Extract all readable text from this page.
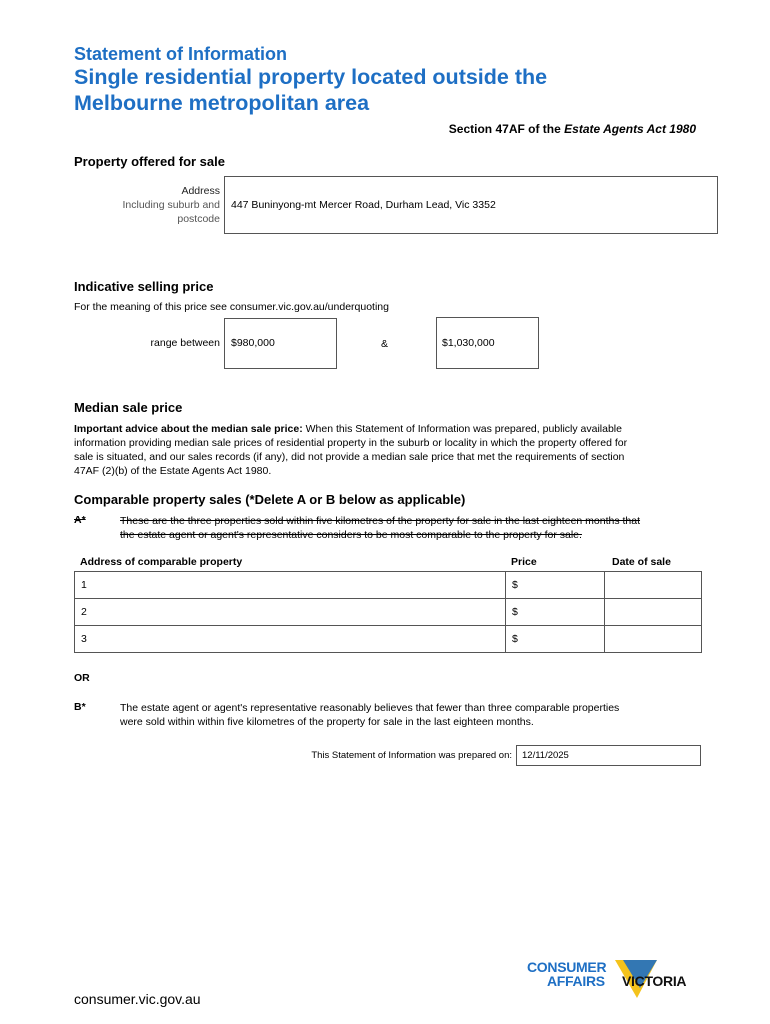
Statement of Information
Single residential property located outside the
Melbourne metropolitan area
Section 47AF of the Estate Agents Act 1980
Property offered for sale
Address
Including suburb and
postcode
447 Buninyong-mt Mercer Road, Durham Lead, Vic 3352
Indicative selling price
For the meaning of this price see consumer.vic.gov.au/underquoting
range between $980,000	&	$1,030,000
Median sale price
Important advice about the median sale price: When this Statement of Information was prepared, publicly available
information providing median sale prices of residential property in the suburb or locality in which the property offered for
sale is situated, and our sales records (if any), did not provide a median sale price that met the requirements of section
47AF (2)(b) of the Estate Agents Act 1980.
Comparable property sales (*Delete A or B below as applicable)
A*	These are the three properties sold within five kilometres of the property for sale in the last eighteen months that
the estate agent or agent's representative considers to be most comparable to the property for sale.
Address of comparable property	Price	Date of sale
1	$	
2	$	
3	$	
OR
B*	The estate agent or agent's representative reasonably believes that fewer than three comparable properties
were sold within within five kilometres of the property for sale in the last eighteen months.
This Statement of Information was prepared on: 12/11/2025
consumer.vic.gov.au
CONSUMER
AFFAIRS VICTORIA
